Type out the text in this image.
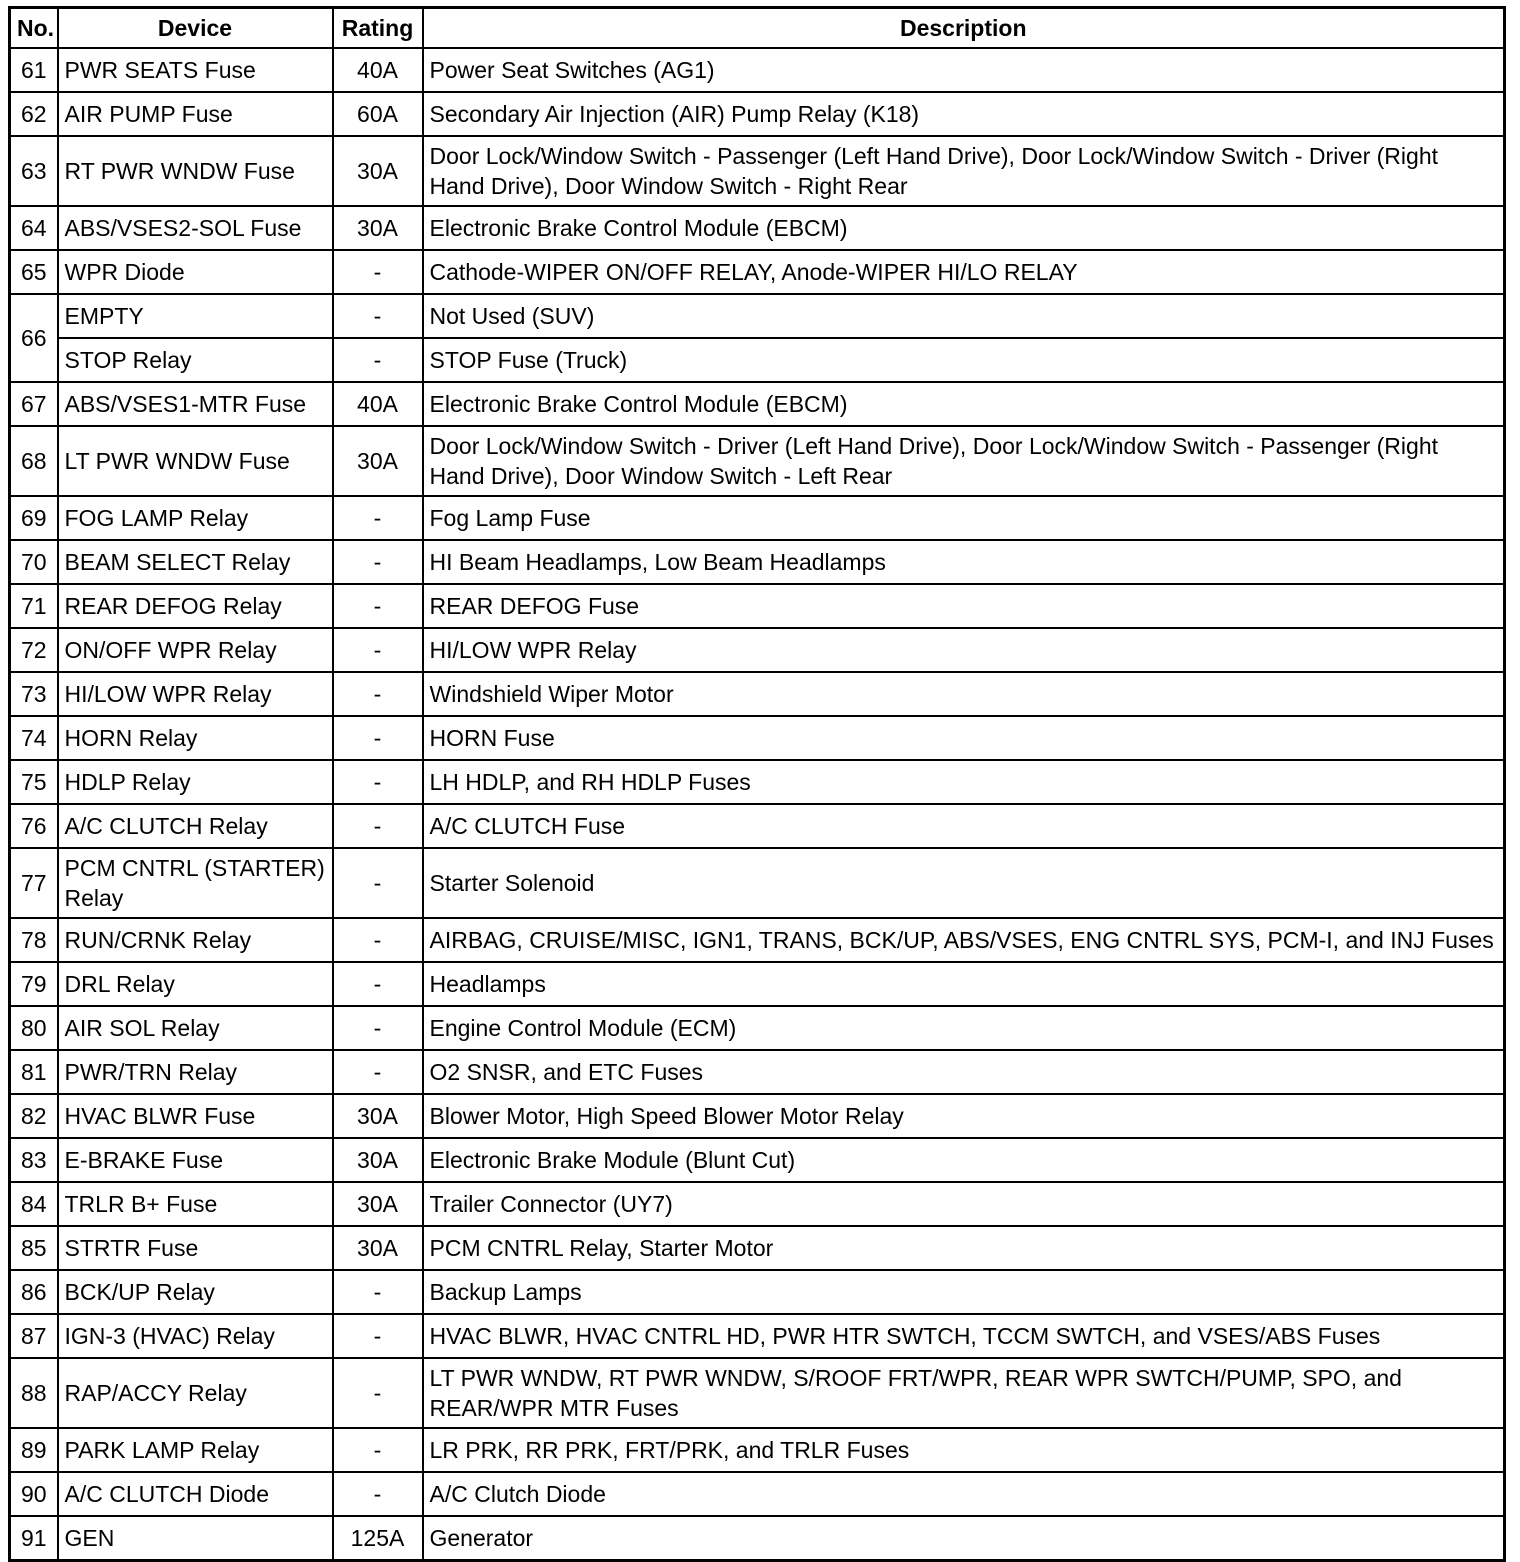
No.	Device	Rating	Description
61	PWR SEATS Fuse	40A	Power Seat Switches (AG1)
62	AIR PUMP Fuse	60A	Secondary Air Injection (AIR) Pump Relay (K18)
63	RT PWR WNDW Fuse	30A	Door Lock/Window Switch - Passenger (Left Hand Drive), Door Lock/Window Switch - Driver (Right Hand Drive), Door Window Switch - Right Rear
64	ABS/VSES2-SOL Fuse	30A	Electronic Brake Control Module (EBCM)
65	WPR Diode	-	Cathode-WIPER ON/OFF RELAY, Anode-WIPER HI/LO RELAY
66	EMPTY	-	Not Used (SUV)
	STOP Relay	-	STOP Fuse (Truck)
67	ABS/VSES1-MTR Fuse	40A	Electronic Brake Control Module (EBCM)
68	LT PWR WNDW Fuse	30A	Door Lock/Window Switch - Driver (Left Hand Drive), Door Lock/Window Switch - Passenger (Right Hand Drive), Door Window Switch - Left Rear
69	FOG LAMP Relay	-	Fog Lamp Fuse
70	BEAM SELECT Relay	-	HI Beam Headlamps, Low Beam Headlamps
71	REAR DEFOG Relay	-	REAR DEFOG Fuse
72	ON/OFF WPR Relay	-	HI/LOW WPR Relay
73	HI/LOW WPR Relay	-	Windshield Wiper Motor
74	HORN Relay	-	HORN Fuse
75	HDLP Relay	-	LH HDLP, and RH HDLP Fuses
76	A/C CLUTCH Relay	-	A/C CLUTCH Fuse
77	PCM CNTRL (STARTER) Relay	-	Starter Solenoid
78	RUN/CRNK Relay	-	AIRBAG, CRUISE/MISC, IGN1, TRANS, BCK/UP, ABS/VSES, ENG CNTRL SYS, PCM-I, and INJ Fuses
79	DRL Relay	-	Headlamps
80	AIR SOL Relay	-	Engine Control Module (ECM)
81	PWR/TRN Relay	-	O2 SNSR, and ETC Fuses
82	HVAC BLWR Fuse	30A	Blower Motor, High Speed Blower Motor Relay
83	E-BRAKE Fuse	30A	Electronic Brake Module (Blunt Cut)
84	TRLR B+ Fuse	30A	Trailer Connector (UY7)
85	STRTR Fuse	30A	PCM CNTRL Relay, Starter Motor
86	BCK/UP Relay	-	Backup Lamps
87	IGN-3 (HVAC) Relay	-	HVAC BLWR, HVAC CNTRL HD, PWR HTR SWTCH, TCCM SWTCH, and VSES/ABS Fuses
88	RAP/ACCY Relay	-	LT PWR WNDW, RT PWR WNDW, S/ROOF FRT/WPR, REAR WPR SWTCH/PUMP, SPO, and REAR/WPR MTR Fuses
89	PARK LAMP Relay	-	LR PRK, RR PRK, FRT/PRK, and TRLR Fuses
90	A/C CLUTCH Diode	-	A/C Clutch Diode
91	GEN	125A	Generator
